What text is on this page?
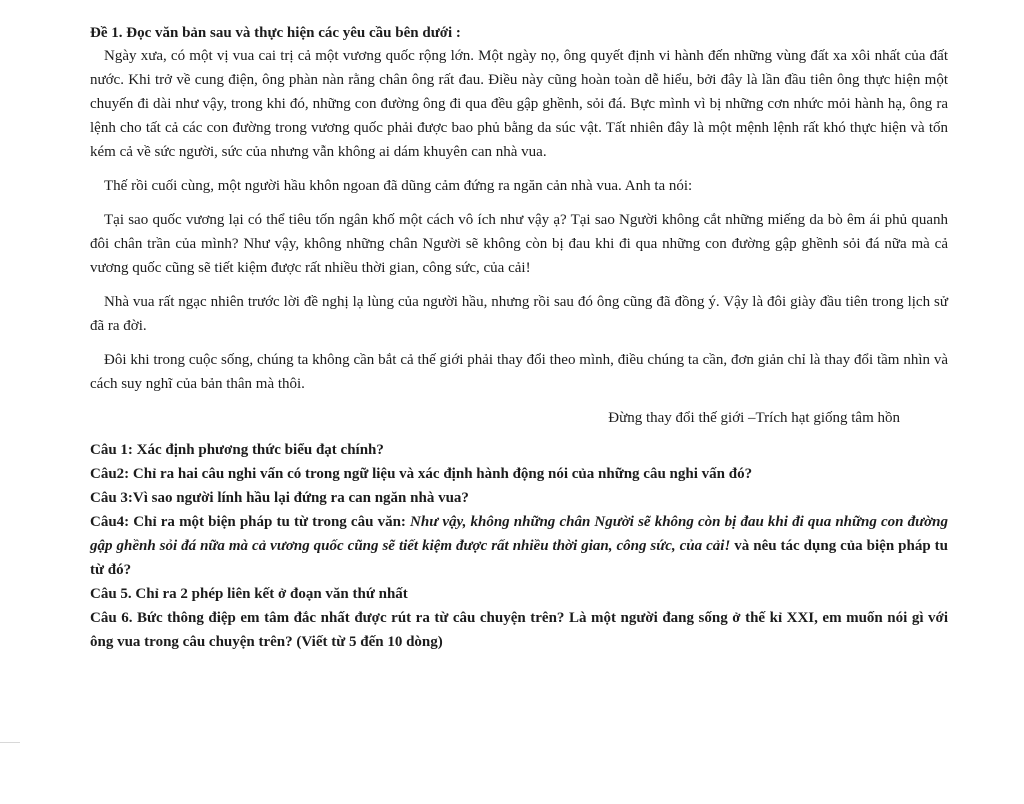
Đề 1. Đọc văn bản sau và thực hiện các yêu cầu bên dưới :

Ngày xưa, có một vị vua cai trị cả một vương quốc rộng lớn. Một ngày nọ, ông quyết định vi hành đến những vùng đất xa xôi nhất của đất nước. Khi trở về cung điện, ông phàn nàn rằng chân ông rất đau. Điều này cũng hoàn toàn dễ hiểu, bởi đây là lần đầu tiên ông thực hiện một chuyến đi dài như vậy, trong khi đó, những con đường ông đi qua đều gập ghềnh, sỏi đá. Bực mình vì bị những cơn nhức mỏi hành hạ, ông ra lệnh cho tất cả các con đường trong vương quốc phải được bao phủ bằng da súc vật. Tất nhiên đây là một mệnh lệnh rất khó thực hiện và tốn kém cả về sức người, sức của nhưng vẫn không ai dám khuyên can nhà vua.

Thế rồi cuối cùng, một người hầu khôn ngoan đã dũng cảm đứng ra ngăn cản nhà vua. Anh ta nói:

Tại sao quốc vương lại có thể tiêu tốn ngân khố một cách vô ích như vậy ạ? Tại sao Người không cắt những miếng da bò êm ái phủ quanh đôi chân trần của mình? Như vậy, không những chân Người sẽ không còn bị đau khi đi qua những con đường gập ghềnh sỏi đá nữa mà cả vương quốc cũng sẽ tiết kiệm được rất nhiều thời gian, công sức, của cải!

Nhà vua rất ngạc nhiên trước lời đề nghị lạ lùng của người hầu, nhưng rồi sau đó ông cũng đã đồng ý. Vậy là đôi giày đầu tiên trong lịch sử đã ra đời.

Đôi khi trong cuộc sống, chúng ta không cần bắt cả thế giới phải thay đổi theo mình, điều chúng ta cần, đơn giản chỉ là thay đổi tầm nhìn và cách suy nghĩ của bản thân mà thôi.

Đừng thay đổi thế giới –Trích hạt giống tâm hồn

Câu 1: Xác định phương thức biểu đạt chính?

Câu2: Chỉ ra hai câu nghi vấn có trong ngữ liệu và xác định hành động nói của những câu nghi vấn đó?

Câu 3:Vì sao người lính hầu lại đứng ra can ngăn nhà vua?

Câu4: Chỉ ra một biện pháp tu từ trong câu văn: Như vậy, không những chân Người sẽ không còn bị đau khi đi qua những con đường gập ghềnh sỏi đá nữa mà cả vương quốc cũng sẽ tiết kiệm được rất nhiều thời gian, công sức, của cải! và nêu tác dụng của biện pháp tu từ đó?

Câu 5. Chỉ ra 2 phép liên kết ở đoạn văn thứ nhất

Câu 6. Bức thông điệp em tâm đắc nhất được rút ra từ câu chuyện trên? Là một người đang sống ở thế kỉ XXI, em muốn nói gì với ông vua trong câu chuyện trên? (Viết từ 5 đến 10 dòng)
